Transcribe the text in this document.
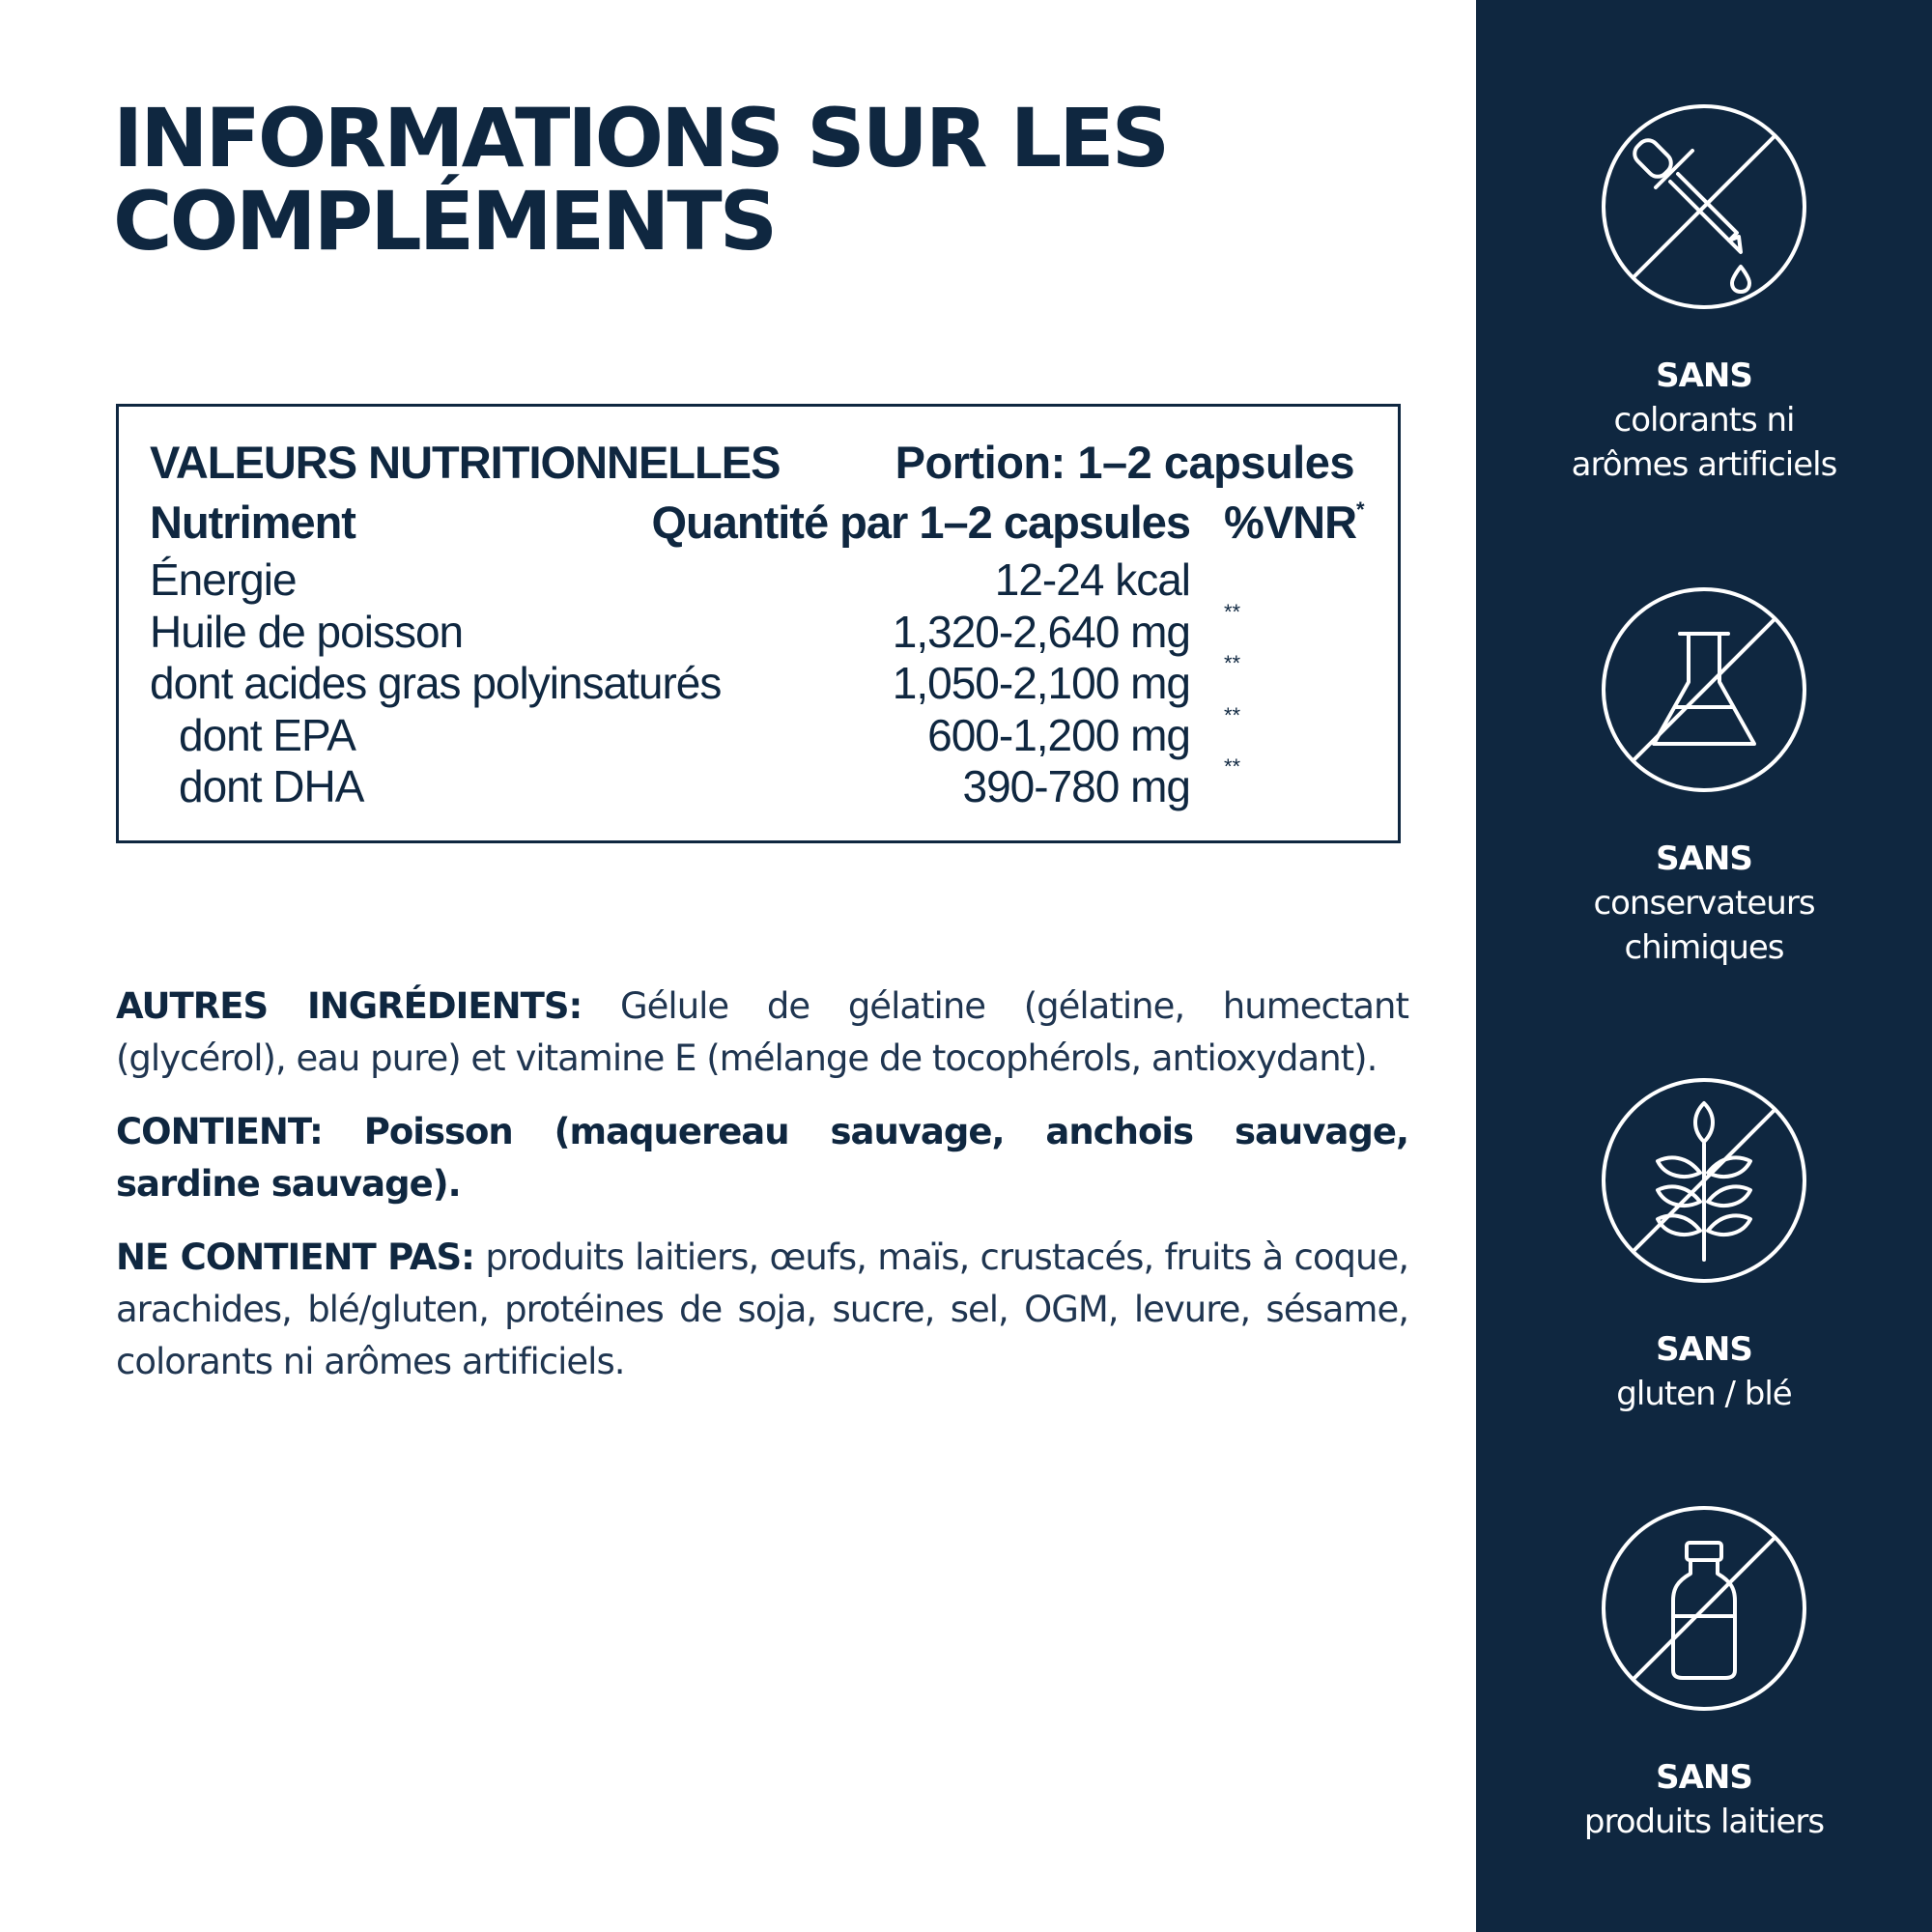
INFORMATIONS SUR LES
COMPLÉMENTS
VALEURS NUTRITIONNELLES	Portion: 1–2 capsules
Nutriment	Quantité par 1–2 capsules %VNR*
Énergie	12-24 kcal
Huile de poisson	1,320-2,640 mg **
dont acides gras polyinsaturés	1,050-2,100 mg **
dont EPA	600-1,200 mg **
dont DHA	390-780 mg **

AUTRES INGRÉDIENTS: Gélule de gélatine (gélatine, humectant (glycérol), eau pure) et vitamine E (mélange de tocophérols, antioxydant).

CONTIENT: Poisson (maquereau sauvage, anchois sauvage, sardine sauvage).

NE CONTIENT PAS: produits laitiers, œufs, maïs, crustacés, fruits à coque, arachides, blé/gluten, protéines de soja, sucre, sel, OGM, levure, sésame, colorants ni arômes artificiels.

SANS
colorants ni
arômes artificiels
SANS
conservateurs
chimiques
SANS
gluten / blé
SANS
produits laitiers
